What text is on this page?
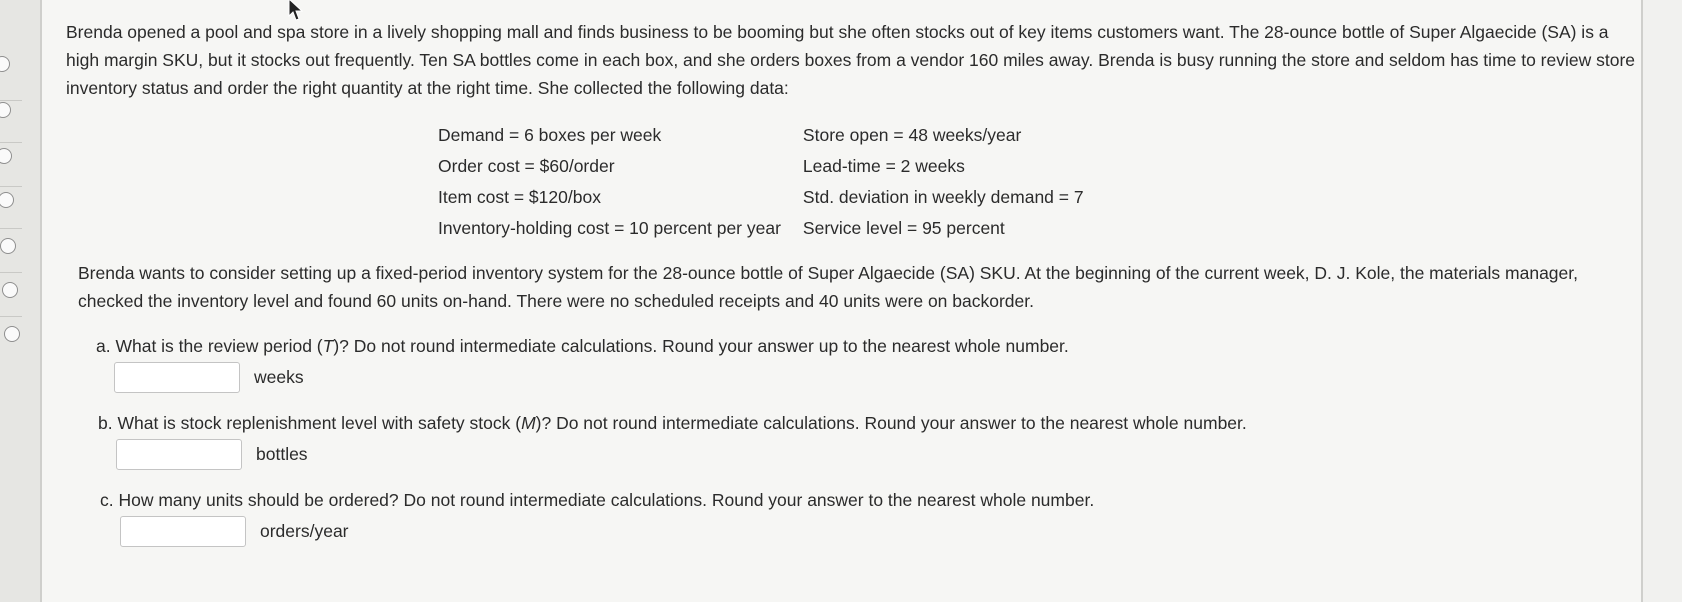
Brenda opened a pool and spa store in a lively shopping mall and finds business to be booming but she often stocks out of key items customers want. The 28-ounce bottle of Super Algaecide (SA) is a high margin SKU, but it stocks out frequently. Ten SA bottles come in each box, and she orders boxes from a vendor 160 miles away. Brenda is busy running the store and seldom has time to review store inventory status and order the right quantity at the right time. She collected the following data:

Demand = 6 boxes per week	Store open = 48 weeks/year
Order cost = $60/order	Lead-time = 2 weeks
Item cost = $120/box	Std. deviation in weekly demand = 7
Inventory-holding cost = 10 percent per year	Service level = 95 percent

Brenda wants to consider setting up a fixed-period inventory system for the 28-ounce bottle of Super Algaecide (SA) SKU. At the beginning of the current week, D. J. Kole, the materials manager, checked the inventory level and found 60 units on-hand. There were no scheduled receipts and 40 units were on backorder.

a. What is the review period (T)? Do not round intermediate calculations. Round your answer up to the nearest whole number.

weeks

b. What is stock replenishment level with safety stock (M)? Do not round intermediate calculations. Round your answer to the nearest whole number.

bottles

c. How many units should be ordered? Do not round intermediate calculations. Round your answer to the nearest whole number.

orders/year
